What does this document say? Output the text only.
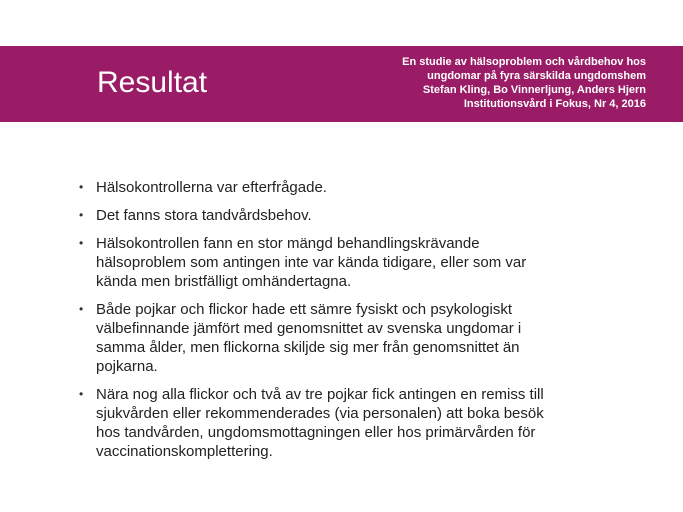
Resultat
En studie av hälsoproblem och vårdbehov hos
ungdomar på fyra särskilda ungdomshem
Stefan Kling, Bo Vinnerljung, Anders Hjern
Institutionsvård i Fokus, Nr 4, 2016
• Hälsokontrollerna var efterfrågade.
• Det fanns stora tandvårdsbehov.
• Hälsokontrollen fann en stor mängd behandlingskrävande
hälsoproblem som antingen inte var kända tidigare, eller som var
kända men bristfälligt omhändertagna.
• Både pojkar och flickor hade ett sämre fysiskt och psykologiskt
välbefinnande jämfört med genomsnittet av svenska ungdomar i
samma ålder, men flickorna skiljde sig mer från genomsnittet än
pojkarna.
• Nära nog alla flickor och två av tre pojkar fick antingen en remiss till
sjukvården eller rekommenderades (via personalen) att boka besök
hos tandvården, ungdomsmottagningen eller hos primärvården för
vaccinationskomplettering.
